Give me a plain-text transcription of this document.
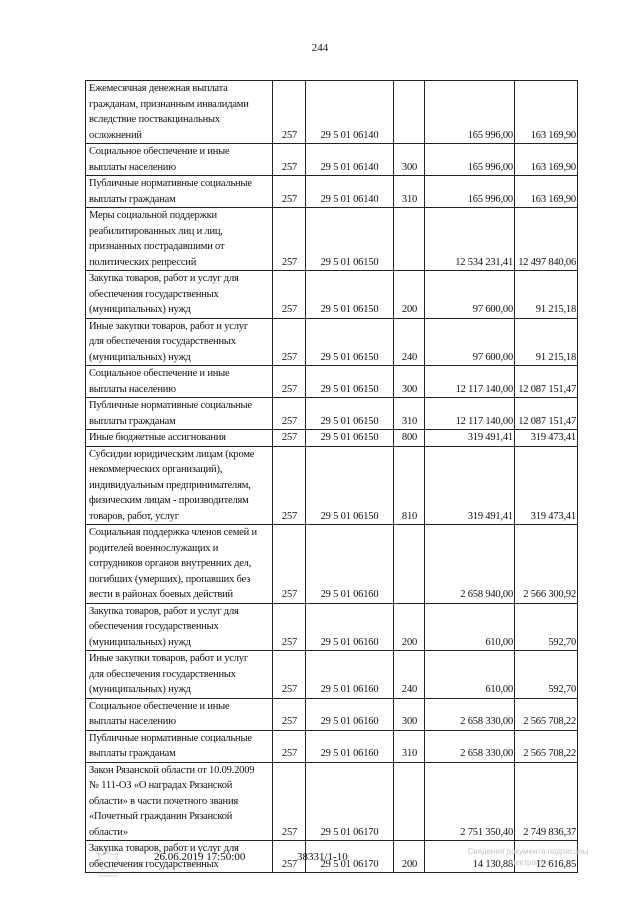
244
Ежемесячная денежная выплата
гражданам, признанным инвалидами
вследствие поствакцинальных
осложнений	257	29 5 01 06140		165 996,00	163 169,90

Социальное обеспечение и иные
выплаты населению	257	29 5 01 06140	300	165 996,00	163 169,90

Публичные нормативные социальные
выплаты гражданам	257	29 5 01 06140	310	165 996,00	163 169,90

Меры социальной поддержки
реабилитированных лиц и лиц,
признанных пострадавшими от
политических репрессий	257	29 5 01 06150		12 534 231,41	12 497 840,06

Закупка товаров, работ и услуг для
обеспечения государственных
(муниципальных) нужд	257	29 5 01 06150	200	97 600,00	91 215,18

Иные закупки товаров, работ и услуг
для обеспечения государственных
(муниципальных) нужд	257	29 5 01 06150	240	97 600,00	91 215,18

Социальное обеспечение и иные
выплаты населению	257	29 5 01 06150	300	12 117 140,00	12 087 151,47

Публичные нормативные социальные
выплаты гражданам	257	29 5 01 06150	310	12 117 140,00	12 087 151,47

Иные бюджетные ассигнования	257	29 5 01 06150	800	319 491,41	319 473,41

Субсидии юридическим лицам (кроме
некоммерческих организаций),
индивидуальным предпринимателям,
физическим лицам - производителям
товаров, работ, услуг	257	29 5 01 06150	810	319 491,41	319 473,41

Социальная поддержка членов семей и
родителей военнослужащих и
сотрудников органов внутренних дел,
погибших (умерших), пропавших без
вести в районах боевых действий	257	29 5 01 06160		2 658 940,00	2 566 300,92

Закупка товаров, работ и услуг для
обеспечения государственных
(муниципальных) нужд	257	29 5 01 06160	200	610,00	592,70

Иные закупки товаров, работ и услуг
для обеспечения государственных
(муниципальных) нужд	257	29 5 01 06160	240	610,00	592,70

Социальное обеспечение и иные
выплаты населению	257	29 5 01 06160	300	2 658 330,00	2 565 708,22

Публичные нормативные социальные
выплаты гражданам	257	29 5 01 06160	310	2 658 330,00	2 565 708,22

Закон Рязанской области от 10.09.2009
№ 111-ОЗ «О наградах Рязанской
области» в части почетного звания
«Почетный гражданин Рязанской
области»	257	29 5 01 06170		2 751 350,40	2 749 836,37

Закупка товаров, работ и услуг для
обеспечения государственных	257	29 5 01 06170	200	14 130,88	12 616,85
26.06.2019 17:50:00	38331/1-10	Сведения документа подписаны
электронно
